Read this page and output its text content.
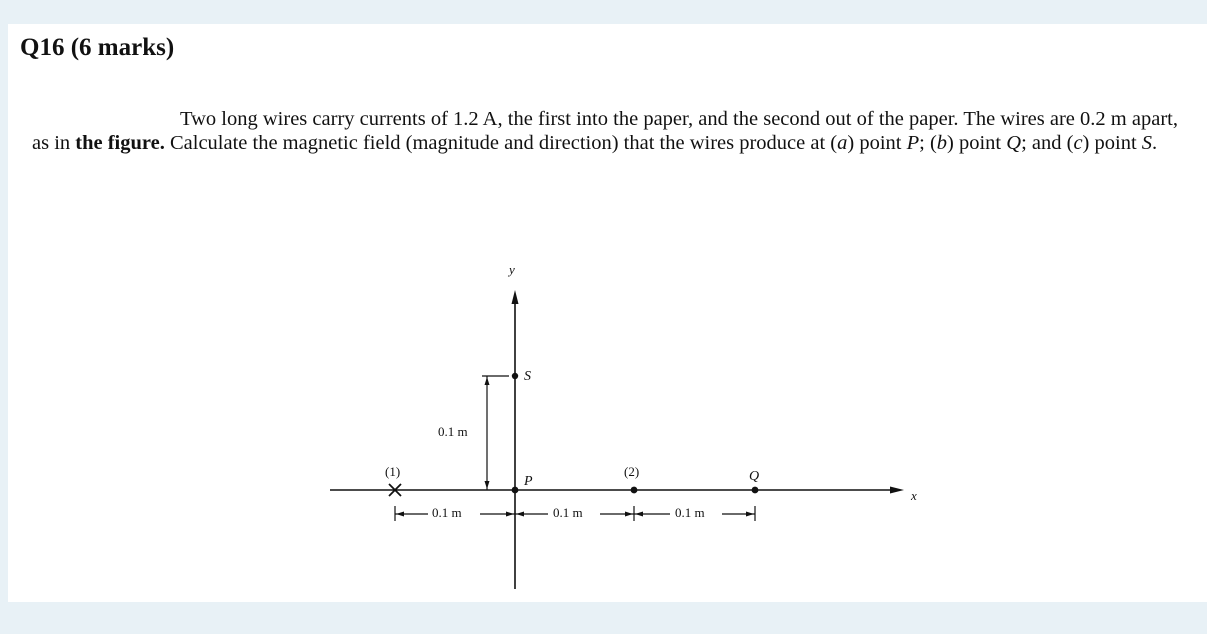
Q16 (6 marks)
Two long wires carry currents of 1.2 A, the first into the paper, and the second out of the paper. The wires are 0.2 m apart, as in the figure. Calculate the magnetic field (magnitude and direction) that the wires produce at (a) point P; (b) point Q; and (c) point S.
y
x
S
0.1 m
(1)
P
(2)	Q
0.1 m	0.1 m	0.1 m
